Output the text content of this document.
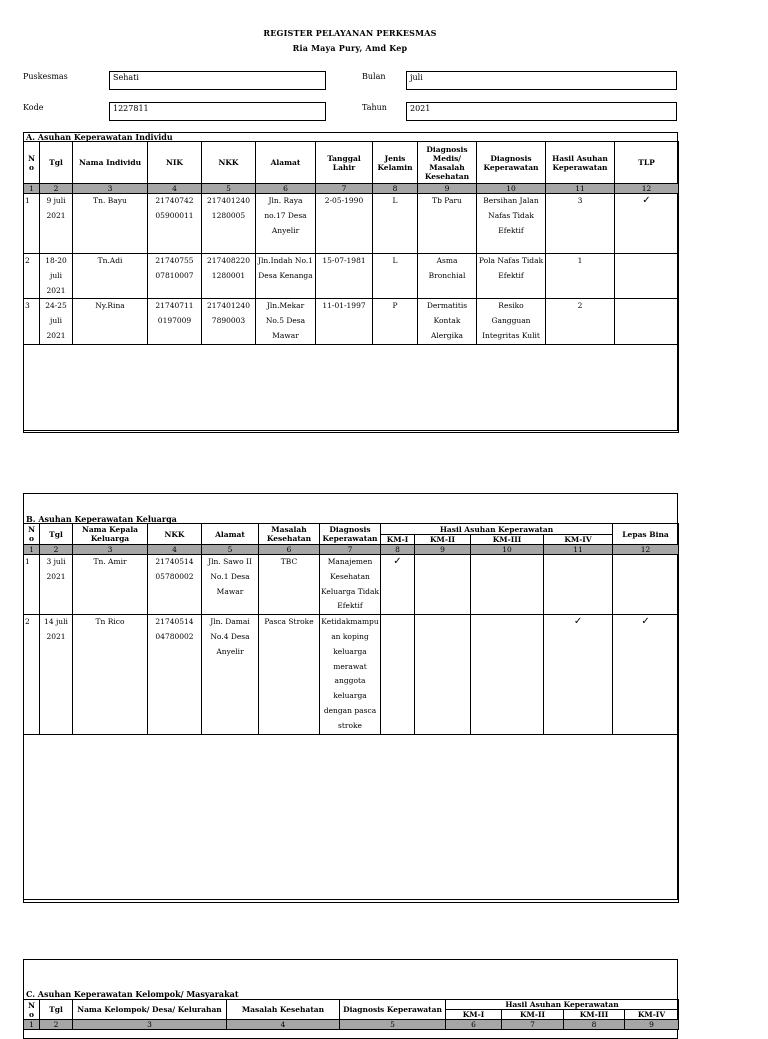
REGISTER PELAYANAN PERKESMAS
Ria Maya Pury, Amd Kep
Puskesmas	Sehati
Kode	1227811
Bulan	juli
Tahun	2021
A. Asuhan Keperawatan Individu
N o	Tgl	Nama Individu	NIK	NKK	Alamat	Tanggal Lahir	Jenis Kelamin	Diagnosis Medis/ Masalah Kesehatan	Diagnosis Keperawatan	Hasil Asuhan Keperawatan	TLP
1	2	3	4	5	6	7	8	9	10	11	12
1	9 juli 2021	Tn. Bayu	21740742 05900011	217401240 1280005	Jln. Raya no.17 Desa Anyelir	2-05-1990	L	Tb Paru	Bersihan Jalan Nafas Tidak Efektif	3	✓
2	18-20 juli 2021	Tn.Adi	21740755 07810007	217408220 1280001	Jln.Indah No.1 Desa Kenanga	15-07-1981	L	Asma Bronchial	Pola Nafas Tidak Efektif	1	
3	24-25 juli 2021	Ny.Rina	21740711 0197009	217401240 7890003	Jln.Mekar No.5 Desa Mawar	11-01-1997	P	Dermatitis Kontak Alergika	Resiko Gangguan Integritas Kulit	2	

B. Asuhan Keperawatan Keluarga
N o	Tgl	Nama Kepala Keluarga	NKK	Alamat	Masalah Kesehatan	Diagnosis Keperawatan	Hasil Asuhan Keperawatan				Lepas Bina
							KM-I	KM-II	KM-III	KM-IV	
1	2	3	4	5	6	7	8	9	10	11	12
1	3 juli 2021	Tn. Amir	21740514 05780002	Jln. Sawo II No.1 Desa Mawar	TBC	Manajemen Kesehatan Keluarga Tidak Efektif	✓				
2	14 juli 2021	Tn Rico	21740514 04780002	Jln. Damai No.4 Desa Anyelir	Pasca Stroke	Ketidakmampuan koping keluarga merawat anggota keluarga dengan pasca stroke				✓	✓

C. Asuhan Keperawatan Kelompok/ Masyarakat
N o	Tgl	Nama Kelompok/ Desa/ Kelurahan	Masalah Kesehatan	Diagnosis Keperawatan	Hasil Asuhan Keperawatan			
					KM-I	KM-II	KM-III	KM-IV
1	2	3	4	5	6	7	8	9
